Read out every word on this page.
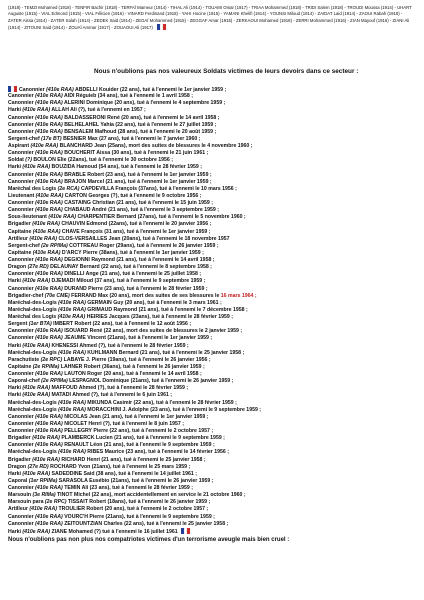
(1918) - TEMZI Mohamed (1918) - TENFIR Bachir (1918) - TERFAÏ Mameur (1914) - TIHAL Ali (1914) - TOUAMI Omar (1917) - TRIAA Mohammed (1918) - TRIDI Salem (1918) - TROUDI Moussa (1914) - UHART Auguste (1915) - VIAL Edmond (1915) - VIAL Félicien (1916) - VINARD Ferdinand (1918) - YAHI Hocine (1915) - YAMANI Khelifi (1914) - YOUNSI Miloud (1914) - ZAIDAT Laid (1914) - ZAOUI Rabah (1918) - ZATER Aissa (1914) - ZATER Salah (1914) - ZEDEK Said (1914) - ZEGAÏ Mohammed (1915) - ZEGGAF Amar (1915) - ZERKAOUI Mohamed (1918) - ZERRI Mohammed (1916) - ZIAN Mayouf (1916) - ZIANI Ali (1914) - ZITOUNI Said (1914) - ZOUAÏ Ammar (1917) - ZOUAOUI Ali (1917)
Nous n'oublions pas nos valeureux Soldats victimes de leurs devoirs dans ce secteur :
Canonnier (410e RAA) ABDELLI Kouider (22 ans), tué à l'ennemi le 1er janvier 1959 ;
Canonnier (410e RAA) AÏDI Réguieb (34 ans), tué à l'ennemi le 1 avril 1958 ;
Canonnier (410e RAA) ALERINI Dominique (20 ans), tué à l'ennemi le 4 septembre 1959 ;
Harki (410e RAA) ALLAH Ali (?), tué à l'ennemi en 1957 ;
Canonnier (410e RAA) BALDASSERONI René (20 ans), tué à l'ennemi le 14 avril 1958 ;
Canonnier (410e RAA) BELHELAHEL Yahia (22 ans), tué à l'ennemi le 27 juillet 1959 ;
Canonnier (410e RAA) BENSALEM Mafhoud (28 ans), tué à l'ennemi le 20 août 1959 ;
Sergent-chef (17e BT) BESNIER Max (27 ans), tué à l'ennemi le 7 janvier 1960 ;
Aspirant (410e RAA) BLANCHARD Jean (25ans), mort des suites de blessures le 4 novembre 1960 ;
Canonnier (410e RAA) BOUCHERIT Aissa (30 ans), tué à l'ennemi le 21 juin 1961 ;
Soldat (?) BOULON Elie (22ans), tué à l'ennemi le 30 octobre 1956 ;
Harki (410e RAA) BOUZIDA Hamoud (54 ans), tué à l'ennemi le 28 février 1959 ;
Canonnier (410e RAA) BRABLE Robert (23 ans), tué à l'ennemi le 1er janvier 1959 ;
Canonnier (410e RAA) BRAJON Marcel (21 ans), tué à l'ennemi le 1er janvier 1959 ;
Maréchal des Logis (2e RCA) CAPDEVILLA François (37ans), tué à l'ennemi le 10 mars 1956 ;
Lieutenant (410e RAA) CARTON Georges (?), tué à l'ennemi le 9 octobre 1956 ;
Canonnier (410e RAA) CASTAING Christian (21 ans), tué à l'ennemi le 15 juin 1959 ;
Canonnier (410e RAA) CHABAUD André (21 ans), tué à l'ennemi le 3 septembre 1959 ;
Sous-lieutenant (410e RAA) CHARPENTIER Bernard (27ans), tué à l'ennemi le 5 novembre 1960 ;
Brigadier (410e RAA) CHAUVIN Edmond (22ans), tué à l'ennemi le 20 janvier 1956 ;
Capitaine (410e RAA) CHAVE François (31 ans), tué à l'ennemi le 1er janvier 1959 ;
Artilleur (410e RAA) CLOS-VERSAILLES Jean (20ans), tué à l'ennemi le 18 novembre 1957
Sergent-chef (2e RPIMa) COTTREAU Roger (29ans), tué à l'ennemi le 26 janvier 1959 ;
Capitaine (410e RAA) D'ARCY Pierre (38ans), tué à l'ennemi le 1er janvier 1959 ;
Canonnier (410e RAA) DEGIONNI Raymond (21 ans), tué à l'ennemi le 14 avril 1958 ;
Dragon (27e RD) DELAUNAY Bernard (22 ans), tué à l'ennemi le 8 septembre 1958 ;
Canonnier (410e RAA) DINELLI Ange (21 ans), tué à l'ennemi le 25 juillet 1958 ;
Harki (410e RAA) DJEMADI Miloud (37 ans), tué à l'ennemi le 9 septembre 1959 ;
Canonnier (410e RAA) DURAND Pierre (23 ans), tué à l'ennemi le 28 février 1959 ;
Brigadier-chef (70e CME) FERRAND Max (20 ans), mort des suites de ses blessures le 16 mars 1964 ;
Maréchal-des-Logis (410e RAA) GERMAIN Guy (20 ans), tué à l'ennemi le 3 mars 1961 ;
Maréchal-des-Logis (410e RAA) GRIMAUD Raymond (21 ans), tué à l'ennemi le 7 décembre 1958 ;
Maréchal des Logis (410e RAA) HEIRIES Jacques (23ans), tué à l'ennemi le 28 février 1959 ;
Sergent (1er BTA) IMBERT Robert (22 ans), tué à l'ennemi le 12 août 1956 ;
Canonnier (410e RAA) ISOUARD René (22 ans), mort des suites de blessures le 2 janvier 1959 ;
Canonnier (410e RAA) JEAUME Vincent (21ans), tué à l'ennemi le 1er janvier 1959 ;
Harki (410e RAA) KHENESSI Ahmed (?), tué à l'ennemi le 28 février 1959 ;
Maréchal-des-Logis (410e RAA) KUHLMANN Bernard (21 ans), tué à l'ennemi le 25 janvier 1958 ;
Parachutiste (2e RPC) LABAYE J. Pierre (19ans), tué à l'ennemi le 26 janvier 1956 ;
Capitaine (2e RPIMa) LAHNER Robert (36ans), tué à l'ennemi le 26 janvier 1959 ;
Canonnier (410e RAA) LAUTON Roger (20 ans), tué à l'ennemi le 14 avril 1958 ;
Caporal-chef (2e RPIMa) LESPAGNOL Dominique (21ans), tué à l'ennemi le 26 janvier 1959 ;
Harki (410e RAA) MAFFOUD Ahmed (?), tué à l'ennemi le 28 février 1959 ;
Harki (410e RAA) MATADI Ahmed (?), tué à l'ennemi le 6 juin 1961 ;
Maréchal-des-Logis (410e RAA) MIKUNDA Casimir (22 ans), tué à l'ennemi le 28 février 1959 ;
Maréchal-des-Logis (410e RAA) MORACCHINI J. Adolphe (23 ans), tué à l'ennemi le 9 septembre 1959 ;
Canonnier (410e RAA) NICOLAS Jean (21 ans), tué à l'ennemi le 1er janvier 1959 ;
Canonnier (410e RAA) NICOLET Henri (?), tué à l'ennemi le 8 juin 1957 ;
Canonnier (410e RAA) PELLEGRY Pierre (22 ans), tué à l'ennemi le 2 octobre 1957 ;
Brigadier (410e RAA) PLAMBERCK Lucien (21 ans), tué à l'ennemi le 9 septembre 1959 ;
Canonnier (410e RAA) RENAULT Léon (21 ans), tué à l'ennemi le 9 septembre 1959 ;
Maréchal-des-Logis (410e RAA) RIBES Maurice (23 ans), tué à l'ennemi le 14 février 1956 ;
Brigadier (410e RAA) RICHARD Henri (21 ans), tué à l'ennemi le 25 janvier 1958 ;
Dragon (27e RD) ROCHARD Yvon (21ans), tué à l'ennemi le 25 mars 1959 ;
Harki (410e RAA) SADEDDINE Said (38 ans), tué à l'ennemi le 14 juillet 1961 ;
Caporal (1er RPIMa) SARASOLA Eusébio (21ans), tué à l'ennemi le 26 janvier 1959 ;
Canonnier (410e RAA) TEMIN Ali (23 ans), tué à l'ennemi le 28 février 1959 ;
Marsouin (3e RIMa) TINOT Michel (22 ans), mort accidentellement en service le 21 octobre 1960 ;
Marsouin para (2e RPC) TISSAIT Robert (18ans), tué à l'ennemi le 26 janvier 1959 ;
Artilleur (410e RAA) TROULIER Robert (20 ans), tué à l'ennemi le 2 octobre 1957 ;
Canonnier (410e RAA) VOURC'H Pierre (21ans), tué à l'ennemi le 9 septembre 1959 ;
Canonnier (410e RAA) ZEITOUNTZIAN Charles (22 ans), tué à l'ennemi le 25 janvier 1958 ;
Harki (410e RAA) ZIANE Mohamed (?) tué à l'ennemi le 16 juillet 1961
Nous n'oublions pas non plus nos compatriotes victimes d'un terrorisme aveugle mais bien cruel :
